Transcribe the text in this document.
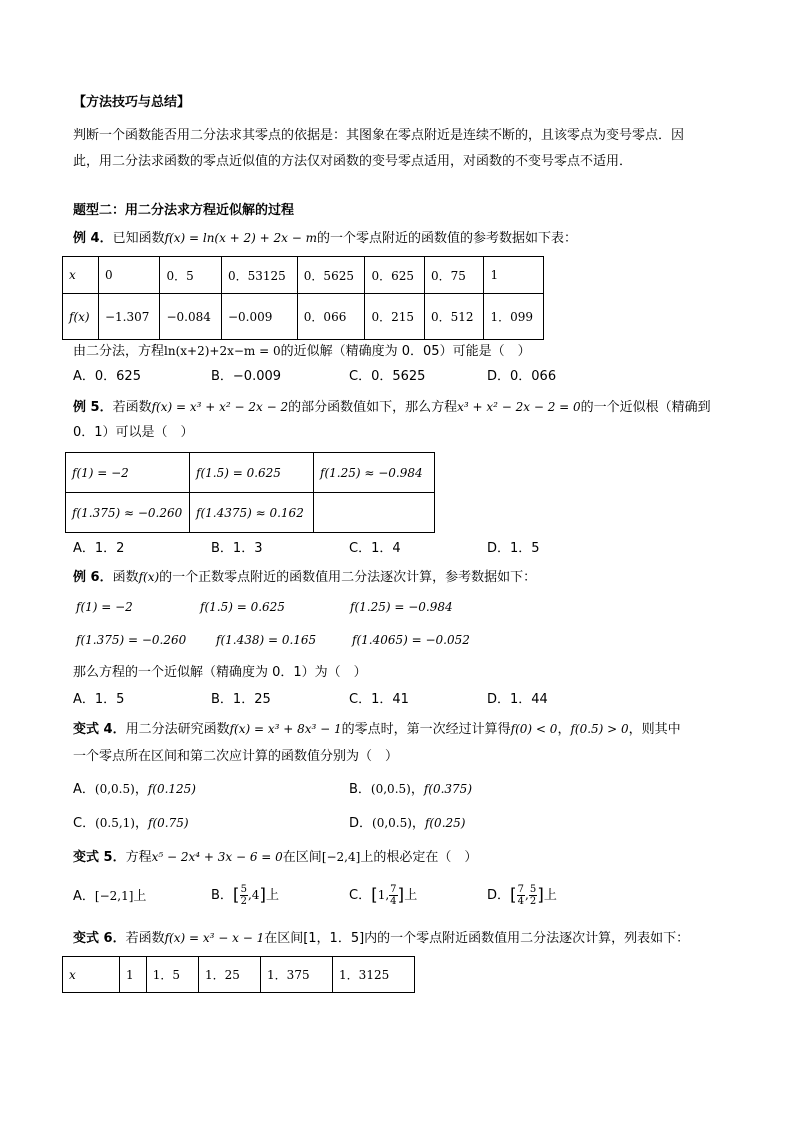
【方法技巧与总结】
判断一个函数能否用二分法求其零点的依据是：其图象在零点附近是连续不断的，且该零点为变号零点．因
此，用二分法求函数的零点近似值的方法仅对函数的变号零点适用，对函数的不变号零点不适用．
题型二：用二分法求方程近似解的过程
例 4．已知函数f(x) = ln(x + 2) + 2x − m的一个零点附近的函数值的参考数据如下表：
x	0	0．5	0．53125	0．5625	0．625	0．75	1
f(x)	−1.307	−0.084	−0.009	0．066	0．215	0．512	1．099
由二分法，方程ln(x+2)+2x−m = 0的近似解（精确度为 0．05）可能是（　）
A．0．625	B．−0.009	C．0．5625	D．0．066
例 5．若函数f(x) = x³ + x² − 2x − 2的部分函数值如下，那么方程x³ + x² − 2x − 2 = 0的一个近似根（精确到
0．1）可以是（　）
f(1) = −2	f(1.5) = 0.625	f(1.25) ≈ −0.984
f(1.375) ≈ −0.260	f(1.4375) ≈ 0.162	
A．1．2	B．1．3	C．1．4	D．1．5
例 6．函数f(x)的一个正数零点附近的函数值用二分法逐次计算，参考数据如下：
f(1) = −2	f(1.5) = 0.625	f(1.25) = −0.984
f(1.375) = −0.260 f(1.438) = 0.165	f(1.4065) = −0.052
那么方程的一个近似解（精确度为 0．1）为（　）
A．1．5	B．1．25	C．1．41	D．1．44
变式 4．用二分法研究函数f(x) = x³ + 8x³ − 1的零点时，第一次经过计算得f(0) < 0，f(0.5) > 0，则其中
一个零点所在区间和第二次应计算的函数值分别为（　）
A．(0,0.5)，f(0.125)	B．(0,0.5)，f(0.375)
C．(0.5,1)，f(0.75)	D．(0,0.5)，f(0.25)
变式 5．方程x⁵ − 2x⁴ + 3x − 6 = 0在区间[−2,4]上的根必定在（　）
A．[−2,1]上	B．[ $\frac{5}{2} ,4$]上	C．[1, $\frac{7}{4}$ ]上	D．[ $\frac{7}{4}$ , $\frac{5}{2}$ ]上
变式 6．若函数f(x) = x³ − x − 1在区间[1，1．5]内的一个零点附近函数值用二分法逐次计算，列表如下：
x	1	1．5	1．25	1．375	1．3125
